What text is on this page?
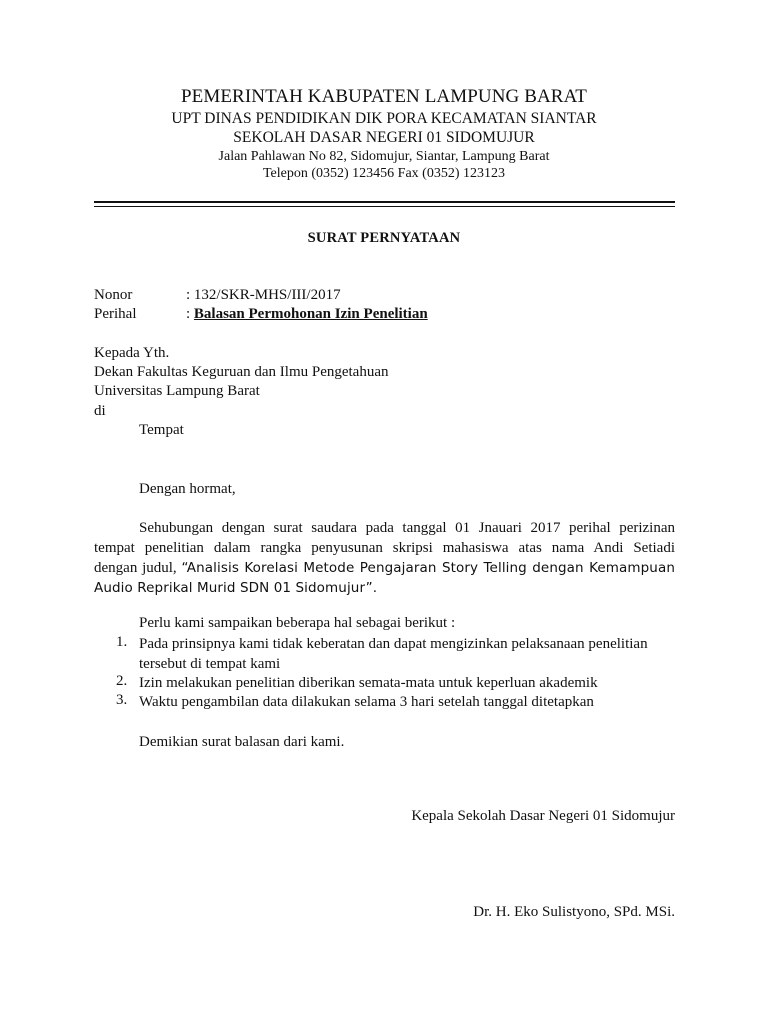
PEMERINTAH KABUPATEN LAMPUNG BARAT
UPT DINAS PENDIDIKAN DIK PORA KECAMATAN SIANTAR
SEKOLAH DASAR NEGERI 01 SIDOMUJUR
Jalan Pahlawan No 82, Sidomujur, Siantar, Lampung Barat
Telepon (0352) 123456 Fax (0352) 123123
SURAT PERNYATAAN
Nonor	: 132/SKR-MHS/III/2017
Perihal	: Balasan Permohonan Izin Penelitian
Kepada Yth.
Dekan Fakultas Keguruan dan Ilmu Pengetahuan
Universitas Lampung Barat
di
Tempat
Dengan hormat,
Sehubungan dengan surat saudara pada tanggal 01 Jnauari 2017 perihal perizinan
tempat penelitian dalam rangka penyusunan skripsi mahasiswa atas nama Andi Setiadi
dengan judul, “Analisis Korelasi Metode Pengajaran Story Telling dengan Kemampuan
Audio Reprikal Murid SDN 01 Sidomujur”.
Perlu kami sampaikan beberapa hal sebagai berikut :
1. Pada prinsipnya kami tidak keberatan dan dapat mengizinkan pelaksanaan penelitian
tersebut di tempat kami
2. Izin melakukan penelitian diberikan semata-mata untuk keperluan akademik
3. Waktu pengambilan data dilakukan selama 3 hari setelah tanggal ditetapkan
Demikian surat balasan dari kami.
Kepala Sekolah Dasar Negeri 01 Sidomujur
Dr. H. Eko Sulistyono, SPd. MSi.
